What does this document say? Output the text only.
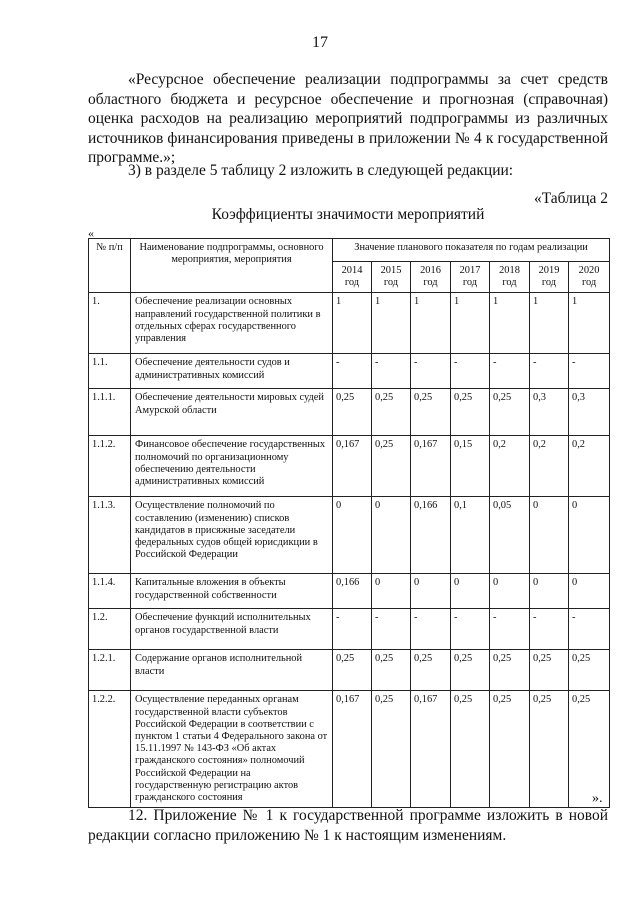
17

«Ресурсное обеспечение реализации подпрограммы за счет средств областного бюджета и ресурсное обеспечение и прогнозная (справочная) оценка расходов на реализацию мероприятий подпрограммы из различных источников финансирования приведены в приложении № 4 к государственной программе.»;

3) в разделе 5 таблицу 2 изложить в следующей редакции:

«Таблица 2
Коэффициенты значимости мероприятий
«
№ п/п	Наименование подпрограммы, основного мероприятия, мероприятия	Значение планового показателя по годам реализации						
		2014 год	2015 год	2016 год	2017 год	2018 год	2019 год	2020 год
1.	Обеспечение реализации основных направлений государственной политики в отдельных сферах государственного управления	1	1	1	1	1	1	1
1.1.	Обеспечение деятельности судов и административных комиссий	-	-	-	-	-	-	-
1.1.1.	Обеспечение деятельности мировых судей Амурской области	0,25	0,25	0,25	0,25	0,25	0,3	0,3
1.1.2.	Финансовое обеспечение государственных полномочий по организационному обеспечению деятельности административных комиссий	0,167	0,25	0,167	0,15	0,2	0,2	0,2
1.1.3.	Осуществление полномочий по составлению (изменению) списков кандидатов в присяжные заседатели федеральных судов общей юрисдикции в Российской Федерации	0	0	0,166	0,1	0,05	0	0
1.1.4.	Капитальные вложения в объекты государственной собственности	0,166	0	0	0	0	0	0
1.2.	Обеспечение функций исполнительных органов государственной власти	-	-	-	-	-	-	-
1.2.1.	Содержание органов исполнительной власти	0,25	0,25	0,25	0,25	0,25	0,25	0,25
1.2.2.	Осуществление переданных органам государственной власти субъектов Российской Федерации в соответствии с пунктом 1 статьи 4 Федерального закона от 15.11.1997 № 143-ФЗ «Об актах гражданского состояния» полномочий Российской Федерации на государственную регистрацию актов гражданского состояния	0,167	0,25	0,167	0,25	0,25	0,25	0,25
».

12. Приложение № 1 к государственной программе изложить в новой редакции согласно приложению № 1 к настоящим изменениям.
